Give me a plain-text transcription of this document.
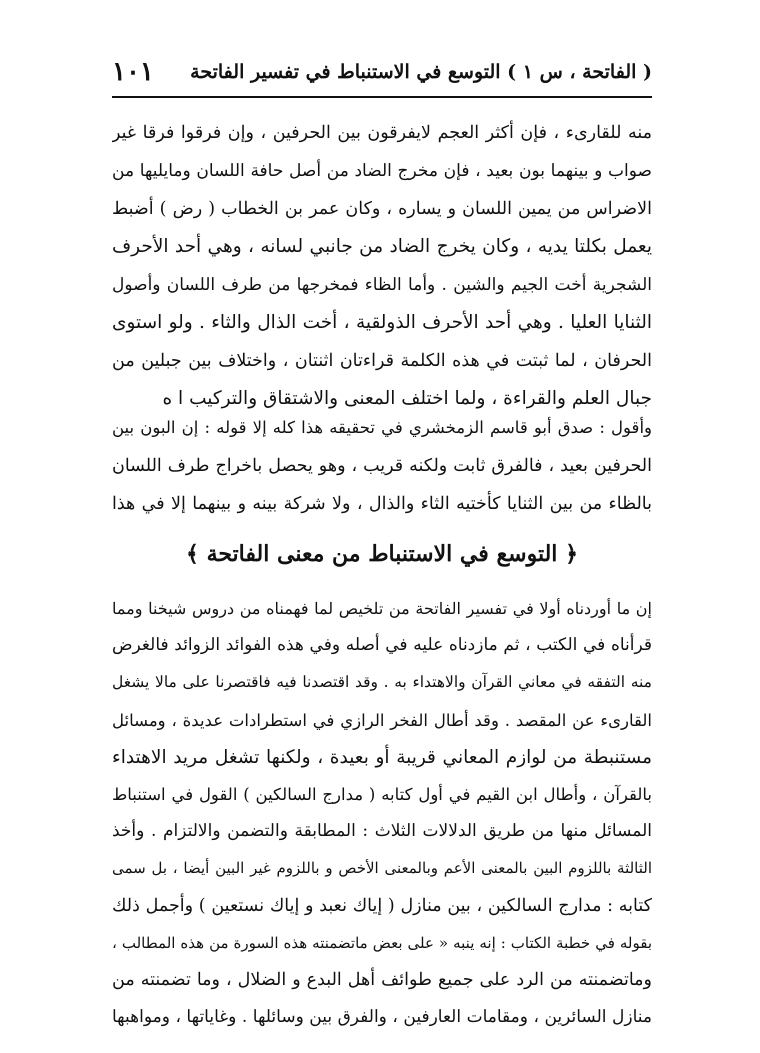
( الفاتحة ، س ١ ) التوسع في الاستنباط في تفسير الفاتحة
١٠١
منه للقارىء ، فإن أكثر العجم لايفرقون بين الحرفين ، وإن فرقوا فرقا غير
صواب و بينهما بون بعيد ، فإن مخرج الضاد من أصل حافة اللسان ومايليها من
الاضراس من يمين اللسان و يساره ، وكان عمر بن الخطاب ( رض ) أضبط
يعمل بكلتا يديه ، وكان يخرج الضاد من جانبي لسانه ، وهي أحد الأحرف
الشجرية أخت الجيم والشين . وأما الظاء فمخرجها من طرف اللسان وأصول
الثنايا العليا . وهي أحد الأحرف الذولقية ، أخت الذال والثاء . ولو استوى
الحرفان ، لما ثبتت في هذه الكلمة قراءتان اثنتان ، واختلاف بين جبلين من
جبال العلم والقراءة ، ولما اختلف المعنى والاشتقاق والتركيب ا ه
وأقول : صدق أبو قاسم الزمخشري في تحقيقه هذا كله إلا قوله : إن البون بين
الحرفين بعيد ، فالفرق ثابت ولكنه قريب ، وهو يحصل باخراج طرف اللسان
بالظاء من بين الثنايا كأختيه الثاء والذال ، ولا شركة بينه و بينهما إلا في هذا
﴿ التوسع في الاستنباط من معنى الفاتحة ﴾
إن ما أوردناه أولا في تفسير الفاتحة من تلخيص لما فهمناه من دروس شيخنا ومما
قرأناه في الكتب ، ثم مازدناه عليه في أصله وفي هذه الفوائد الزوائد فالغرض
منه التفقه في معاني القرآن والاهتداء به . وقد اقتصدنا فيه فاقتصرنا على مالا يشغل
القارىء عن المقصد . وقد أطال الفخر الرازي في استطرادات عديدة ، ومسائل
مستنبطة من لوازم المعاني قريبة أو بعيدة ، ولكنها تشغل مريد الاهتداء
بالقرآن ، وأطال ابن القيم في أول كتابه ( مدارج السالكين ) القول في استنباط
المسائل منها من طريق الدلالات الثلاث : المطابقة والتضمن والالتزام . وأخذ
الثالثة باللزوم البين بالمعنى الأعم وبالمعنى الأخص و باللزوم غير البين أيضا ، بل سمى
كتابه : مدارج السالكين ، بين منازل ( إياك نعبد و إياك نستعين ) وأجمل ذلك
بقوله في خطبة الكتاب : إنه ينبه « على بعض ماتضمنته هذه السورة من هذه المطالب ،
وماتضمنته من الرد على جميع طوائف أهل البدع و الضلال ، وما تضمنته من
منازل السائرين ، ومقامات العارفين ، والفرق بين وسائلها . وغاياتها ، ومواهبها
